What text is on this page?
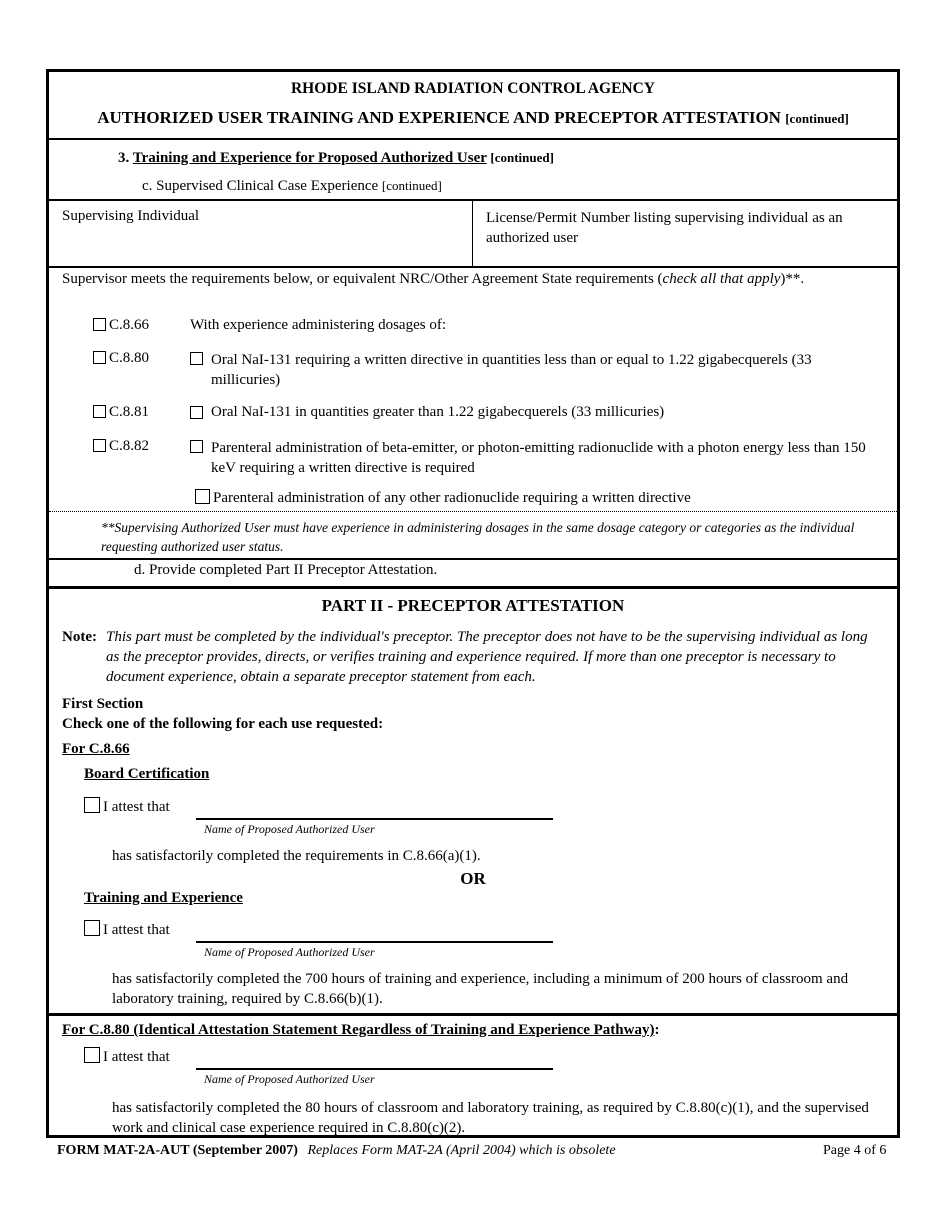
RHODE ISLAND RADIATION CONTROL AGENCY
AUTHORIZED USER TRAINING AND EXPERIENCE AND PRECEPTOR ATTESTATION [continued]
3. Training and Experience for Proposed Authorized User [continued]
c. Supervised Clinical Case Experience [continued]
Supervising Individual	License/Permit Number listing supervising individual as an authorized user
Supervisor meets the requirements below, or equivalent NRC/Other Agreement State requirements (check all that apply)**.
C.8.66	With experience administering dosages of:
C.8.80	Oral NaI-131 requiring a written directive in quantities less than or equal to 1.22 gigabecquerels (33 millicuries)
C.8.81	Oral NaI-131 in quantities greater than 1.22 gigabecquerels (33 millicuries)
C.8.82	Parenteral administration of beta-emitter, or photon-emitting radionuclide with a photon energy less than 150 keV requiring a written directive is required
Parenteral administration of any other radionuclide requiring a written directive
**Supervising Authorized User must have experience in administering dosages in the same dosage category or categories as the individual requesting authorized user status.
d. Provide completed Part II Preceptor Attestation.
PART II - PRECEPTOR ATTESTATION
Note: This part must be completed by the individual's preceptor. The preceptor does not have to be the supervising individual as long as the preceptor provides, directs, or verifies training and experience required. If more than one preceptor is necessary to document experience, obtain a separate preceptor statement from each.
First Section
Check one of the following for each use requested:
For C.8.66
Board Certification
I attest that
Name of Proposed Authorized User
has satisfactorily completed the requirements in C.8.66(a)(1).
OR
Training and Experience
I attest that
Name of Proposed Authorized User
has satisfactorily completed the 700 hours of training and experience, including a minimum of 200 hours of classroom and laboratory training, required by C.8.66(b)(1).
For C.8.80 (Identical Attestation Statement Regardless of Training and Experience Pathway):
I attest that
Name of Proposed Authorized User
has satisfactorily completed the 80 hours of classroom and laboratory training, as required by C.8.80(c)(1), and the supervised work and clinical case experience required in C.8.80(c)(2).
FORM MAT-2A-AUT (September 2007) Replaces Form MAT-2A (April 2004) which is obsolete	Page 4 of 6
